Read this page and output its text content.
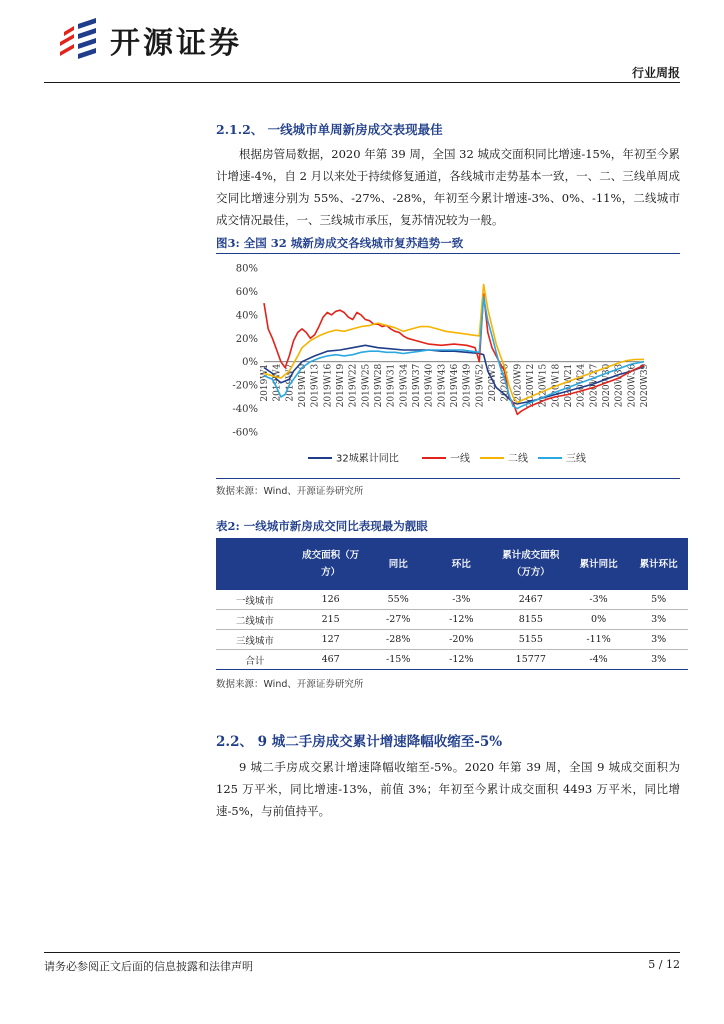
开源证券
行业周报
2.1.2、 一线城市单周新房成交表现最佳

根据房管局数据，2020 年第 39 周，全国 32 城成交面积同比增速-15%，年初至今累计增速-4%，自 2 月以来处于持续修复通道，各线城市走势基本一致，一、二、三线单周成交同比增速分别为 55%、-27%、-28%，年初至今累计增速-3%、0%、-11%，二线城市成交情况最佳，一、三线城市承压，复苏情况较为一般。

图3: 全国 32 城新房成交各线城市复苏趋势一致
80%
60%
40%
20%
0%
-20%
-40%
-60%
2019W1 2019W4 2019W7 2019W10 2019W13 2019W16 2019W19 2019W22 2019W25 2019W28 2019W31 2019W34 2019W37 2019W40 2019W43 2019W46 2019W49 2019W52 2020W3 2020W6 2020W9 2020W12 2020W15 2020W18 2020W21 2020W24 2020W27 2020W30 2020W33 2020W36 2020W39
32城累计同比	一线	二线	三线
数据来源：Wind、开源证券研究所
表2: 一线城市新房成交同比表现最为靓眼
	成交面积（万方）	同比	环比	累计成交面积（万方）	累计同比	累计环比
一线城市	126	55%	-3%	2467	-3%	5%
二线城市	215	-27%	-12%	8155	0%	3%
三线城市	127	-28%	-20%	5155	-11%	3%
合计	467	-15%	-12%	15777	-4%	3%
数据来源：Wind、开源证券研究所
2.2、 9 城二手房成交累计增速降幅收缩至-5%

9 城二手房成交累计增速降幅收缩至-5%。2020 年第 39 周，全国 9 城成交面积为 125 万平米，同比增速-13%，前值 3%；年初至今累计成交面积 4493 万平米，同比增速-5%，与前值持平。

请务必参阅正文后面的信息披露和法律声明	5 / 12
